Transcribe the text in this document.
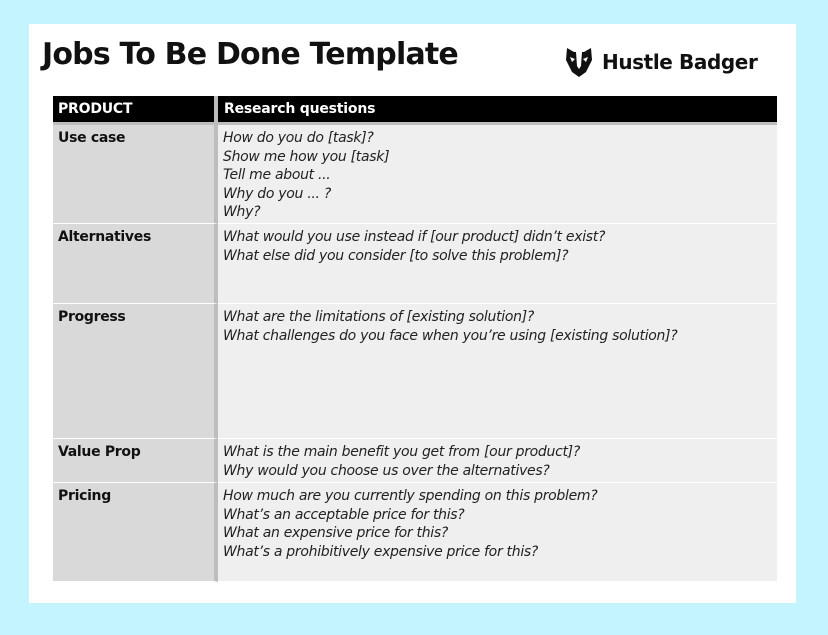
Jobs To Be Done Template	Hustle Badger
PRODUCT	Research questions
Use case	How do you do [task]?
Show me how you [task]
Tell me about ...
Why do you ... ?
Why?
Alternatives	What would you use instead if [our product] didn’t exist?
What else did you consider [to solve this problem]?
Progress	What are the limitations of [existing solution]?
What challenges do you face when you’re using [existing solution]?
Value Prop	What is the main benefit you get from [our product]?
Why would you choose us over the alternatives?
Pricing	How much are you currently spending on this problem?
What’s an acceptable price for this?
What an expensive price for this?
What’s a prohibitively expensive price for this?
